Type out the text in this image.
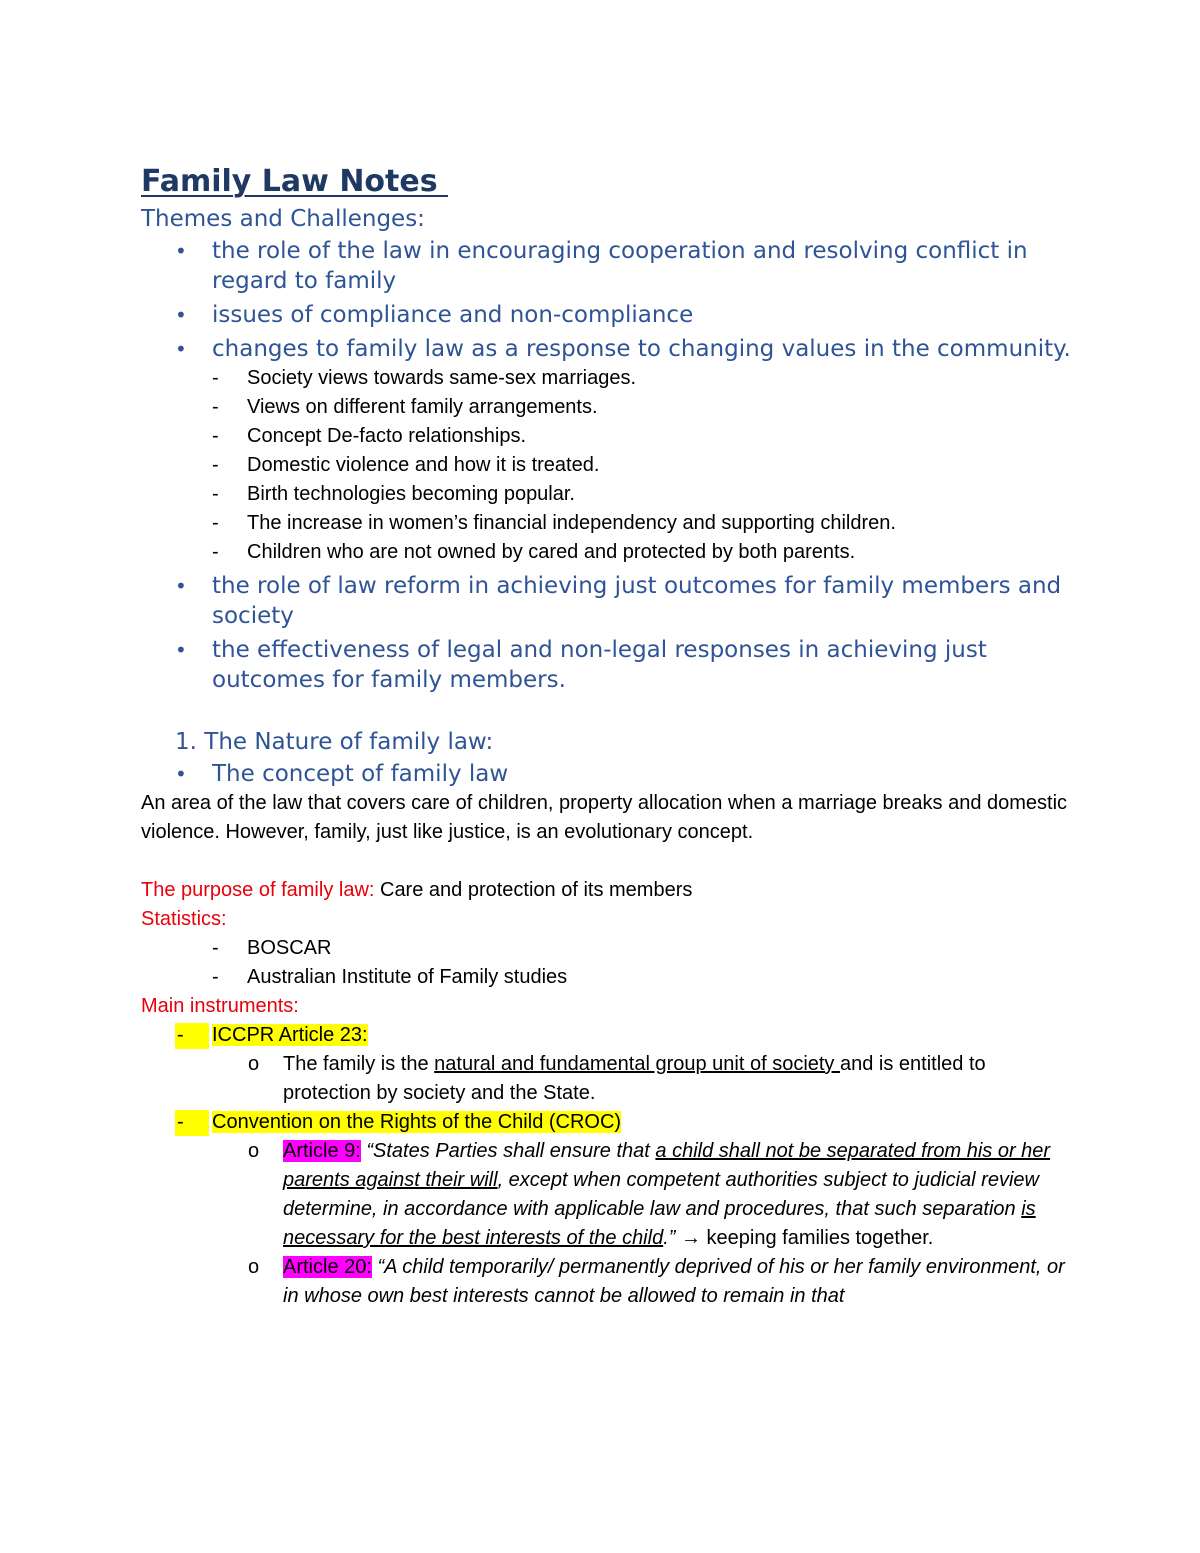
Family Law Notes
Themes and Challenges:
• the role of the law in encouraging cooperation and resolving conflict in regard to family
• issues of compliance and non-compliance
• changes to family law as a response to changing values in the community.
- Society views towards same-sex marriages.
- Views on different family arrangements.
- Concept De-facto relationships.
- Domestic violence and how it is treated.
- Birth technologies becoming popular.
- The increase in women’s financial independency and supporting children.
- Children who are not owned by cared and protected by both parents.
• the role of law reform in achieving just outcomes for family members and society
• the effectiveness of legal and non-legal responses in achieving just outcomes for family members.
1. The Nature of family law:
• The concept of family law
An area of the law that covers care of children, property allocation when a marriage breaks and domestic violence. However, family, just like justice, is an evolutionary concept.
The purpose of family law: Care and protection of its members
Statistics:
- BOSCAR
- Australian Institute of Family studies
Main instruments:
- ICCPR Article 23:
o The family is the natural and fundamental group unit of society and is entitled to protection by society and the State.
- Convention on the Rights of the Child (CROC)
o Article 9: “States Parties shall ensure that a child shall not be separated from his or her parents against their will, except when competent authorities subject to judicial review determine, in accordance with applicable law and procedures, that such separation is necessary for the best interests of the child.” → keeping families together.
o Article 20: “A child temporarily/ permanently deprived of his or her family environment, or in whose own best interests cannot be allowed to remain in that
